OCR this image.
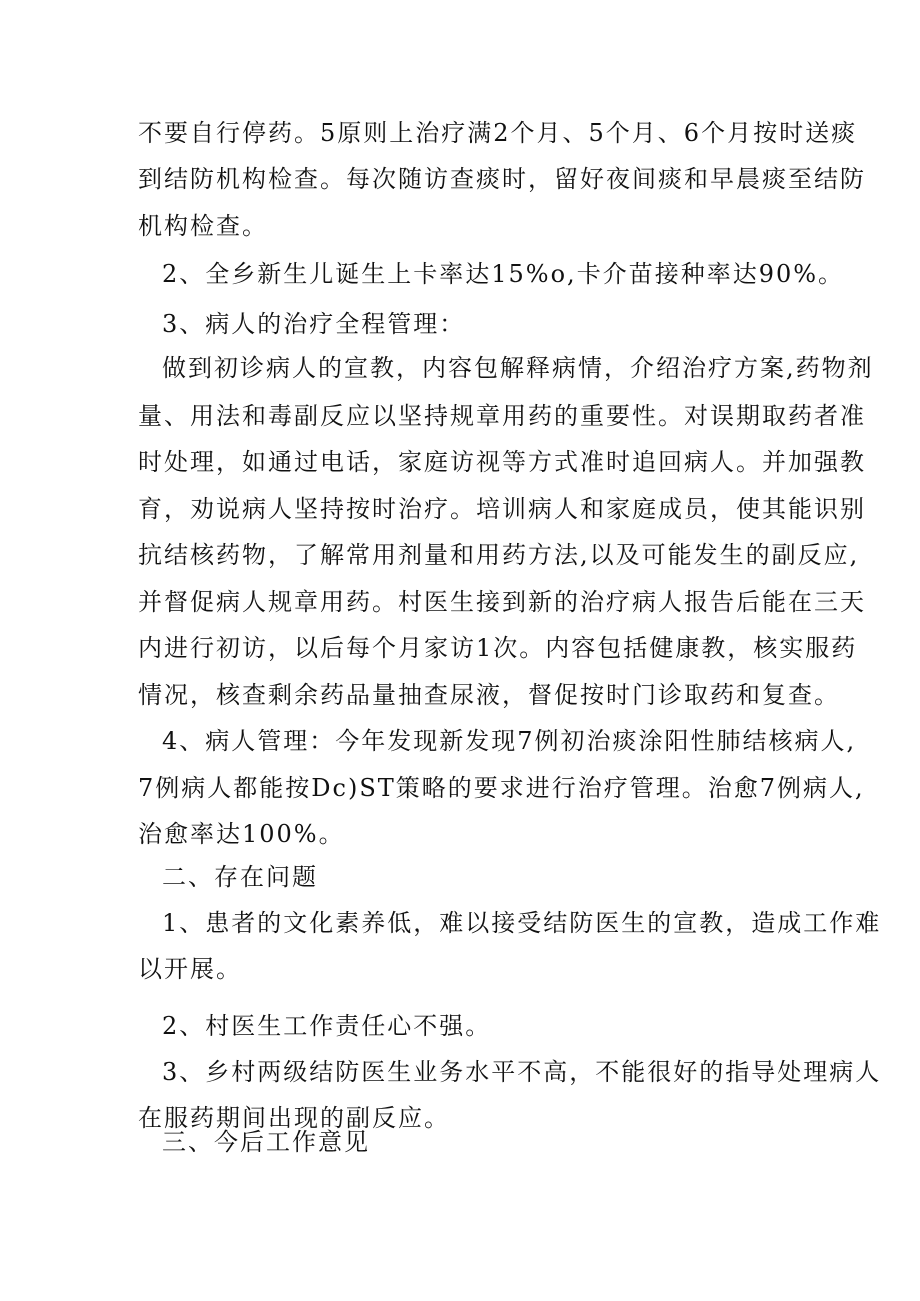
不要自行停药。5原则上治疗满2个月、5个月、6个月按时送痰
到结防机构检查。每次随访查痰时，留好夜间痰和早晨痰至结防
机构检查。
2、全乡新生儿诞生上卡率达15%o,卡介苗接种率达90%。
3、病人的治疗全程管理：
做到初诊病人的宣教，内容包解释病情，介绍治疗方案,药物剂
量、用法和毒副反应以坚持规章用药的重要性。对误期取药者准
时处理，如通过电话，家庭访视等方式准时追回病人。并加强教
育，劝说病人坚持按时治疗。培训病人和家庭成员，使其能识别
抗结核药物，了解常用剂量和用药方法,以及可能发生的副反应,
并督促病人规章用药。村医生接到新的治疗病人报告后能在三天
内进行初访，以后每个月家访1次。内容包括健康教，核实服药
情况，核查剩余药品量抽查尿液，督促按时门诊取药和复查。
4、病人管理：今年发现新发现7例初治痰涂阳性肺结核病人,
7例病人都能按Dc)ST策略的要求进行治疗管理。治愈7例病人,
治愈率达100%。
二、存在问题
1、患者的文化素养低，难以接受结防医生的宣教，造成工作难
以开展。
2、村医生工作责任心不强。
3、乡村两级结防医生业务水平不高，不能很好的指导处理病人
在服药期间出现的副反应。
三、今后工作意见
